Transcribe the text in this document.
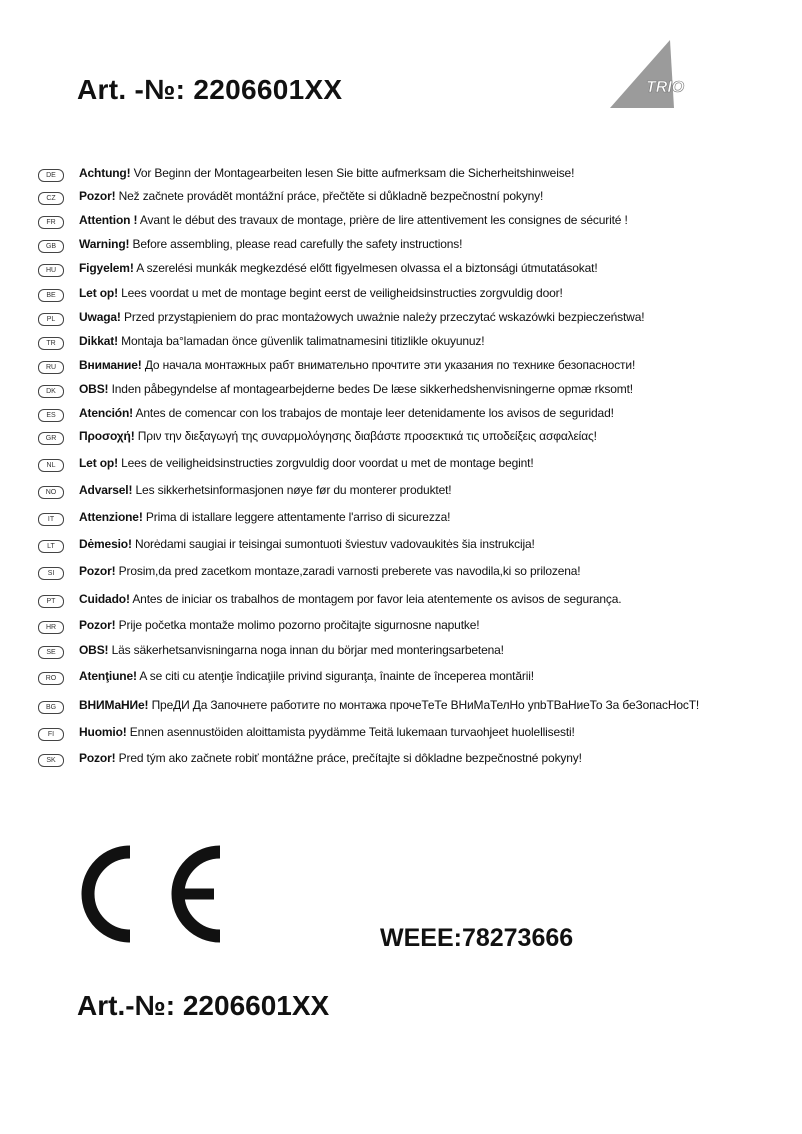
Art. -№: 2206601XX	TRIO
DE	Achtung! Vor Beginn der Montagearbeiten lesen Sie bitte aufmerksam die Sicherheitshinweise!
CZ	Pozor! Než začnete provádět montážní práce, přečtěte si důkladně bezpečnostní pokyny!
FR	Attention ! Avant le début des travaux de montage, prière de lire attentivement les consignes de sécurité !
GB	Warning! Before assembling, please read carefully the safety instructions!
HU	Figyelem! A szerelési munkák megkezdésé előtt figyelmesen olvassa el a biztonsági útmutatásokat!
BE	Let op! Lees voordat u met de montage begint eerst de veiligheidsinstructies zorgvuldig door!
PL	Uwaga! Przed przystąpieniem do prac montażowych uważnie należy przeczytać wskazówki bezpieczeństwa!
TR	Dikkat! Montaja ba°lamadan önce güvenlik talimatnamesini titizlikle okuyunuz!
RU	Внимание! До начала монтажных рабт внимательно прочтите эти указания по технике безопасности!
DK	OBS! Inden påbegyndelse af montagearbejderne bedes De læse sikkerhedshenvisningerne opmæ rksomt!
ES	Atención! Antes de comencar con los trabajos de montaje leer detenidamente los avisos de seguridad!
GR	Προσοχή! Πριν την διεξαγωγή της συναρμολόγησης διαβάστε προσεκτικά τις υποδείξεις ασφαλείας!
NL	Let op! Lees de veiligheidsinstructies zorgvuldig door voordat u met de montage begint!
NO	Advarsel! Les sikkerhetsinformasjonen nøye før du monterer produktet!
IT	Attenzione! Prima di istallare leggere attentamente l'arriso di sicurezza!
LT	Dėmesio! Norėdami saugiai ir teisingai sumontuoti šviestuv vadovaukitės šia instrukcija!
SI	Pozor! Prosim,da pred zacetkom montaze,zaradi varnosti preberete vas navodila,ki so prilozena!
PT	Cuidado! Antes de iniciar os trabalhos de montagem por favor leia atentemente os avisos de segurança.
HR	Pozor! Prije početka montaže molimo pozorno pročitajte sigurnosne naputke!
SE	OBS! Läs säkerhetsanvisningarna noga innan du börjar med monteringsarbetena!
RO	Atenţiune! A se citi cu atenţie îndicaţiile privind siguranţa, înainte de începerea montării!
BG	ВНИМаНИе! ПреДИ Да Започнете работите по монтажа прочеТеТе ВНиМаТелНо упbТВаНиеТо За беЗопасНосТ!
FI	Huomio! Ennen asennustöiden aloittamista pyydämme Teitä lukemaan turvaohjeet huolellisesti!
SK	Pozor! Pred tým ako začnete robiť montážne práce, prečítajte si dôkladne bezpečnostné pokyny!

WEEE:78273666

Art.-№: 2206601XX
